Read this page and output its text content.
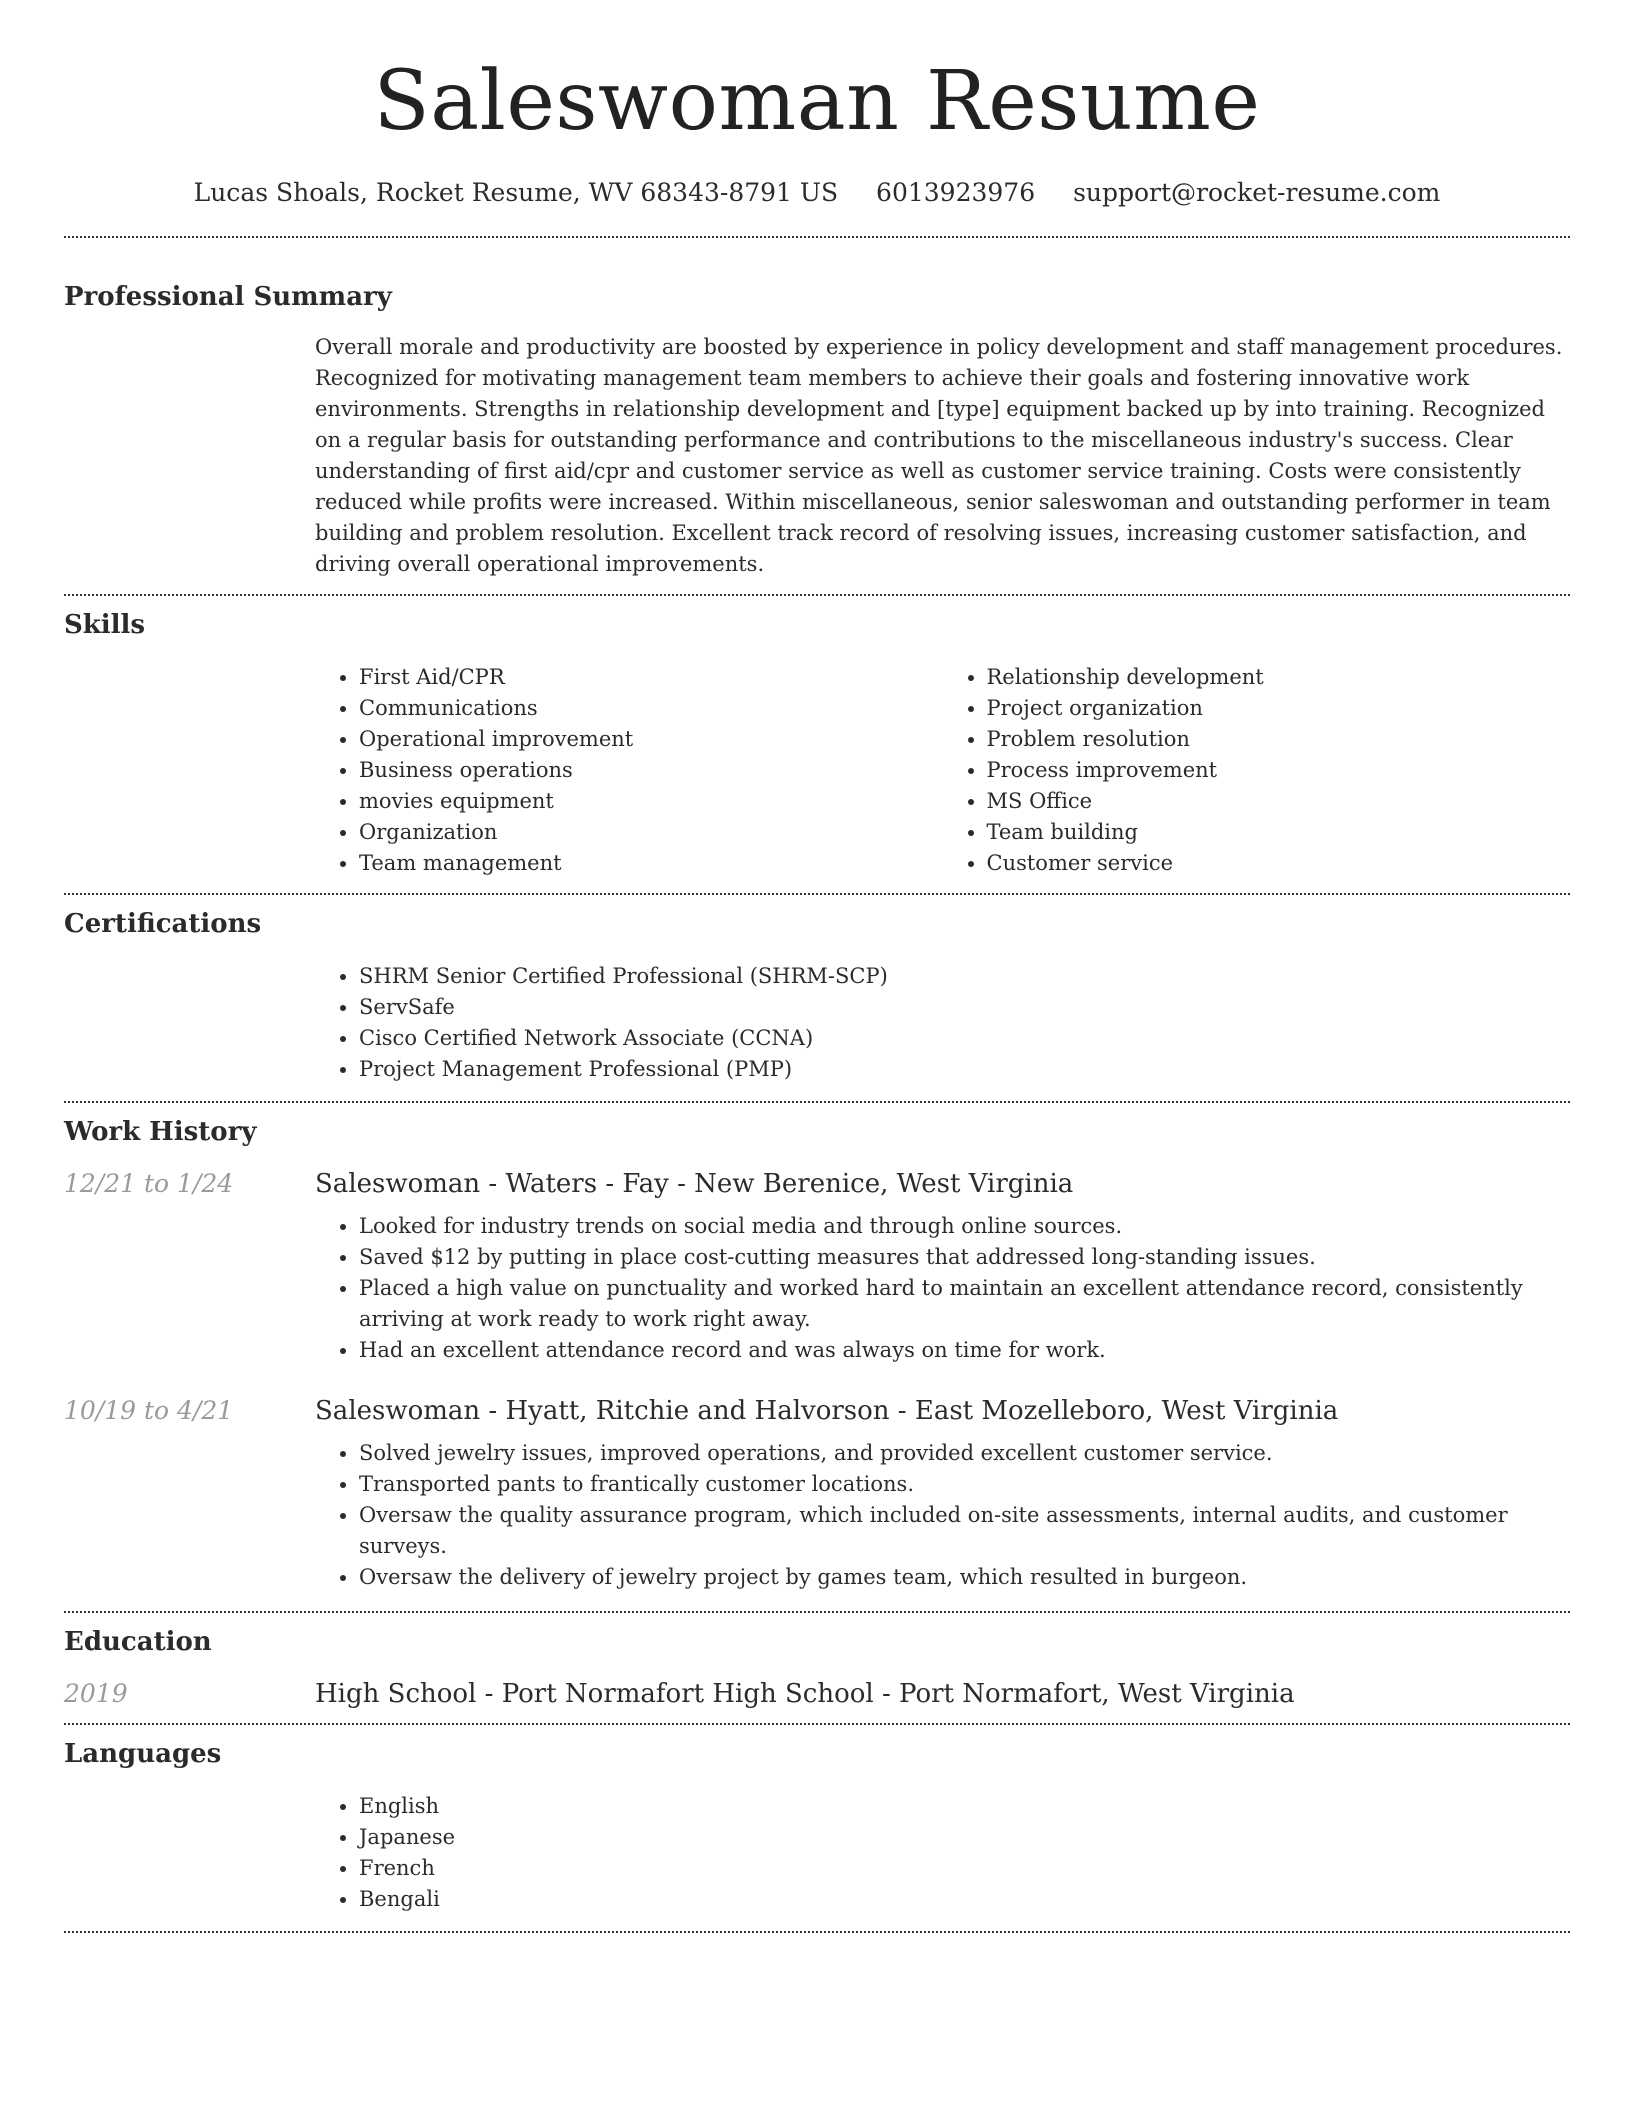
Saleswoman Resume
Lucas Shoals, Rocket Resume, WV 68343-8791 US 6013923976 support@rocket-resume.com
Professional Summary
Overall morale and productivity are boosted by experience in policy development and staff management procedures. Recognized for motivating management team members to achieve their goals and fostering innovative work environments. Strengths in relationship development and [type] equipment backed up by into training. Recognized on a regular basis for outstanding performance and contributions to the miscellaneous industry's success. Clear understanding of first aid/cpr and customer service as well as customer service training. Costs were consistently reduced while profits were increased. Within miscellaneous, senior saleswoman and outstanding performer in team building and problem resolution. Excellent track record of resolving issues, increasing customer satisfaction, and driving overall operational improvements.
Skills
• First Aid/CPR
• Communications
• Operational improvement
• Business operations
• movies equipment
• Organization
• Team management
• Relationship development
• Project organization
• Problem resolution
• Process improvement
• MS Office
• Team building
• Customer service
Certifications
• SHRM Senior Certified Professional (SHRM-SCP)
• ServSafe
• Cisco Certified Network Associate (CCNA)
• Project Management Professional (PMP)
Work History
12/21 to 1/24	Saleswoman - Waters - Fay - New Berenice, West Virginia
• Looked for industry trends on social media and through online sources.
• Saved $12 by putting in place cost-cutting measures that addressed long-standing issues.
• Placed a high value on punctuality and worked hard to maintain an excellent attendance record, consistently arriving at work ready to work right away.
• Had an excellent attendance record and was always on time for work.
10/19 to 4/21	Saleswoman - Hyatt, Ritchie and Halvorson - East Mozelleboro, West Virginia
• Solved jewelry issues, improved operations, and provided excellent customer service.
• Transported pants to frantically customer locations.
• Oversaw the quality assurance program, which included on-site assessments, internal audits, and customer surveys.
• Oversaw the delivery of jewelry project by games team, which resulted in burgeon.
Education
2019	High School - Port Normafort High School - Port Normafort, West Virginia
Languages
• English
• Japanese
• French
• Bengali
